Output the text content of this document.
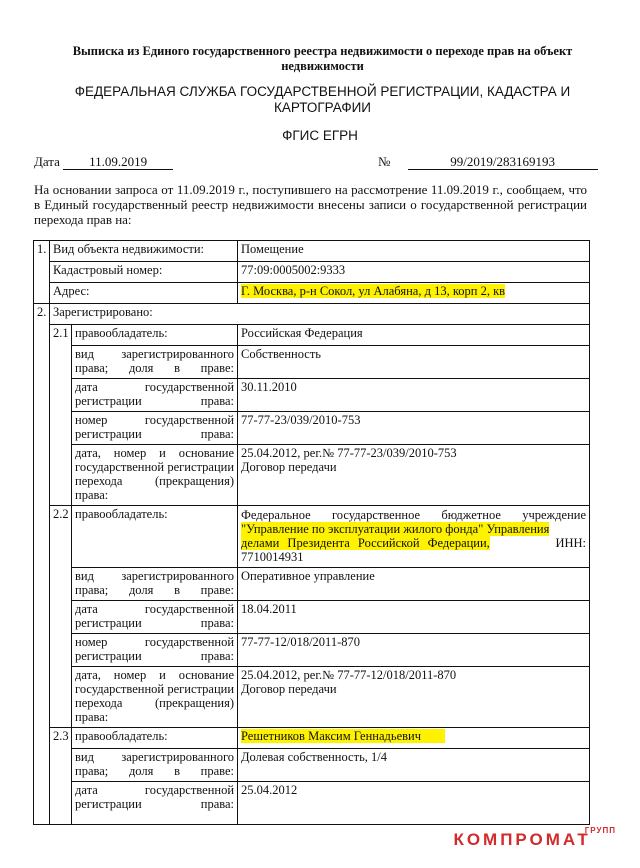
Выписка из Единого государственного реестра недвижимости о переходе прав на объект недвижимости
ФЕДЕРАЛЬНАЯ СЛУЖБА ГОСУДАРСТВЕННОЙ РЕГИСТРАЦИИ, КАДАСТРА И КАРТОГРАФИИ
ФГИС ЕГРН
Дата 11.09.2019	№	99/2019/283169193
На основании запроса от 11.09.2019 г., поступившего на рассмотрение 11.09.2019 г., сообщаем, что в Единый государственный реестр недвижимости внесены записи о государственной регистрации перехода прав на:
1.	Вид объекта недвижимости:		Помещение
	Кадастровый номер:		77:09:0005002:9333
	Адрес:		Г. Москва, р-н Сокол, ул Алабяна, д 13, корп 2, кв
2.	Зарегистрировано:		
	2.1	правообладатель:	Российская Федерация
		вид зарегистрированного права; доля в праве:	Собственность
		дата государственной регистрации права:	30.11.2010
		номер государственной регистрации права:	77-77-23/039/2010-753
		дата, номер и основание государственной регистрации перехода (прекращения) права:	25.04.2012, рег.№ 77-77-23/039/2010-753
Договор передачи

	2.2	правообладатель:	Федеральное государственное бюджетное учреждение
"Управление по эксплуатации жилого фонда" Управления
делами Президента Российской Федерации, ИНН:
7710014931

		вид зарегистрированного права; доля в праве:	Оперативное управление
		дата государственной регистрации права:	18.04.2011
		номер государственной регистрации права:	77-77-12/018/2011-870
		дата, номер и основание государственной регистрации перехода (прекращения) права:	25.04.2012, рег.№ 77-77-12/018/2011-870
Договор передачи

	2.3	правообладатель:	Решетников Максим Геннадьевич
		вид зарегистрированного права; доля в праве:	Долевая собственность, 1/4
		дата государственной регистрации права:	25.04.2012
$КОМПРОМАТ^{ГРУПП}$
